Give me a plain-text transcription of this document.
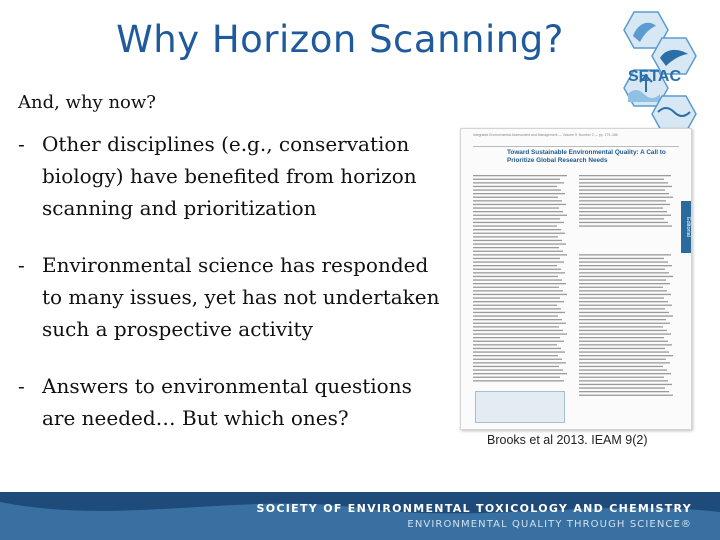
Why Horizon Scanning?
SETAC
And, why now?
- Other disciplines (e.g., conservation
biology) have benefited from horizon
scanning and prioritization
- Environmental science has responded
to many issues, yet has not undertaken
such a prospective activity
- Answers to environmental questions
are needed… But which ones?
Integrated Environmental Assessment and Management — Volume 9, Number 2 — pp. 179–186
Toward Sustainable Environmental Quality: A Call to
Prioritize Global Research Needs
Editorial
Brooks et al 2013. IEAM 9(2)
SOCIETY OF ENVIRONMENTAL TOXICOLOGY AND CHEMISTRY
ENVIRONMENTAL QUALITY THROUGH SCIENCE®
